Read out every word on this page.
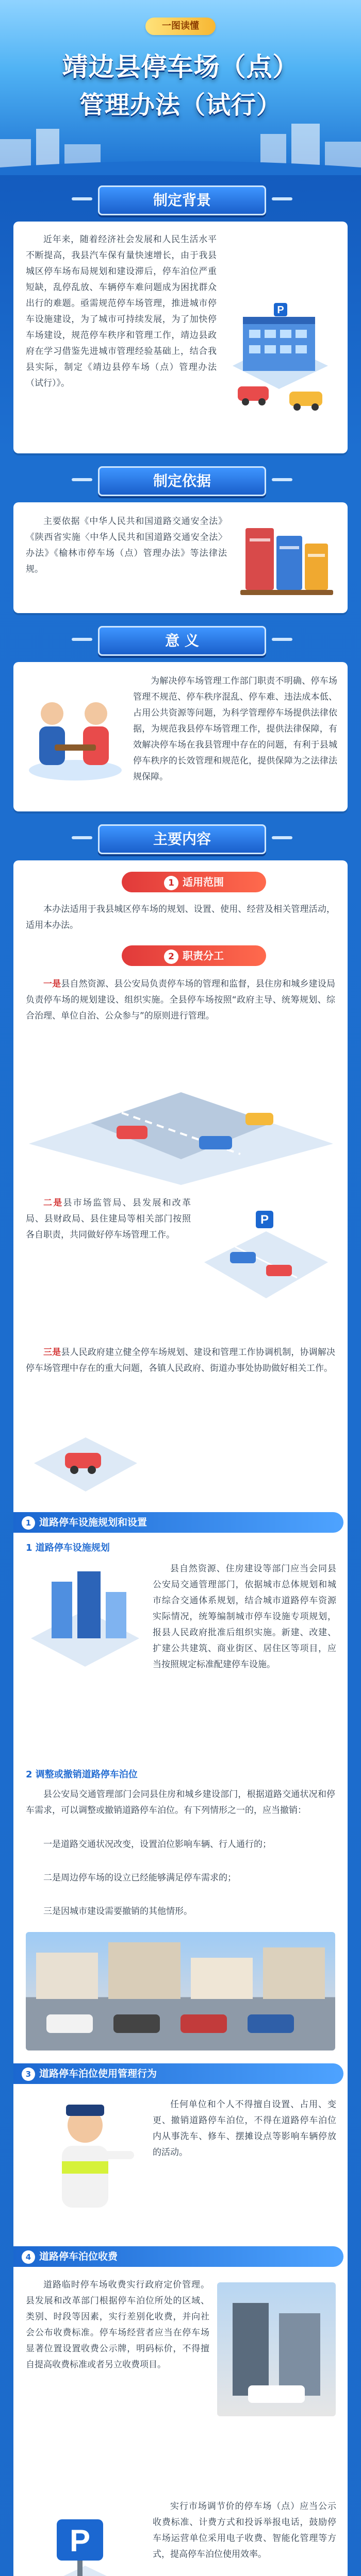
一图读懂
靖边县停车场（点）
管理办法（试行）
制定背景
近年来，随着经济社会发展和人民生活水平不断提高，我县汽车保有量快速增长，由于我县城区停车场布局规划和建设滞后，停车泊位严重短缺，乱停乱放、车辆停车难问题成为困扰群众出行的难题。亟需规范停车场管理，推进城市停车设施建设，为了城市可持续发展，为了加快停车场建设，规范停车秩序和管理工作，靖边县政府在学习借鉴先进城市管理经验基础上，结合我县实际，制定《靖边县停车场（点）管理办法（试行）》。
P
制定依据
主要依据《中华人民共和国道路交通安全法》《陕西省实施〈中华人民共和国道路交通安全法〉办法》《榆林市停车场（点）管理办法》等法律法规。
意 义
为解决停车场管理工作部门职责不明确、停车场管理不规范、停车秩序混乱、停车难、违法成本低、占用公共资源等问题，为科学管理停车场提供法律依据，为规范我县停车场管理工作，提供法律保障，有效解决停车场在我县管理中存在的问题，有利于县城停车秩序的长效管理和规范化，提供保障为之法律法规保障。
主要内容
1 适用范围
本办法适用于我县城区停车场的规划、设置、使用、经营及相关管理活动，适用本办法。
2 职责分工
一是县自然资源、县公安局负责停车场的管理和监督，县住房和城乡建设局负责停车场的规划建设、组织实施。全县停车场按照“政府主导、统筹规划、综合治理、单位自治、公众参与”的原则进行管理。
二是县市场监管局、县发展和改革局、县财政局、县住建局等相关部门按照各自职责，共同做好停车场管理工作。
P
三是县人民政府建立健全停车场规划、建设和管理工作协调机制，协调解决停车场管理中存在的重大问题，各镇人民政府、街道办事处协助做好相关工作。
1 道路停车设施规划和设置
1 道路停车设施规划
县自然资源、住房建设等部门应当会同县公安局交通管理部门，依据城市总体规划和城市综合交通体系规划，结合城市道路停车资源实际情况，统筹编制城市停车设施专项规划，报县人民政府批准后组织实施。新建、改建、扩建公共建筑、商业街区、居住区等项目，应当按照规定标准配建停车设施。
2 调整或撤销道路停车泊位
县公安局交通管理部门会同县住房和城乡建设部门，根据道路交通状况和停车需求，可以调整或撤销道路停车泊位。有下列情形之一的，应当撤销：
一是道路交通状况改变，设置泊位影响车辆、行人通行的；
二是周边停车场的设立已经能够满足停车需求的；
三是因城市建设需要撤销的其他情形。
3 道路停车泊位使用管理行为
任何单位和个人不得擅自设置、占用、变更、撤销道路停车泊位，不得在道路停车泊位内从事洗车、修车、摆摊设点等影响车辆停放的活动。
4 道路停车泊位收费
道路临时停车场收费实行政府定价管理。县发展和改革部门根据停车泊位所处的区域、类别、时段等因素，实行差别化收费，并向社会公布收费标准。停车场经营者应当在停车场显著位置设置收费公示牌，明码标价，不得擅自提高收费标准或者另立收费项目。
P
实行市场调节价的停车场（点）应当公示收费标准、计费方式和投诉举报电话，鼓励停车场运营单位采用电子收费、智能化管理等方式，提高停车泊位使用效率。
